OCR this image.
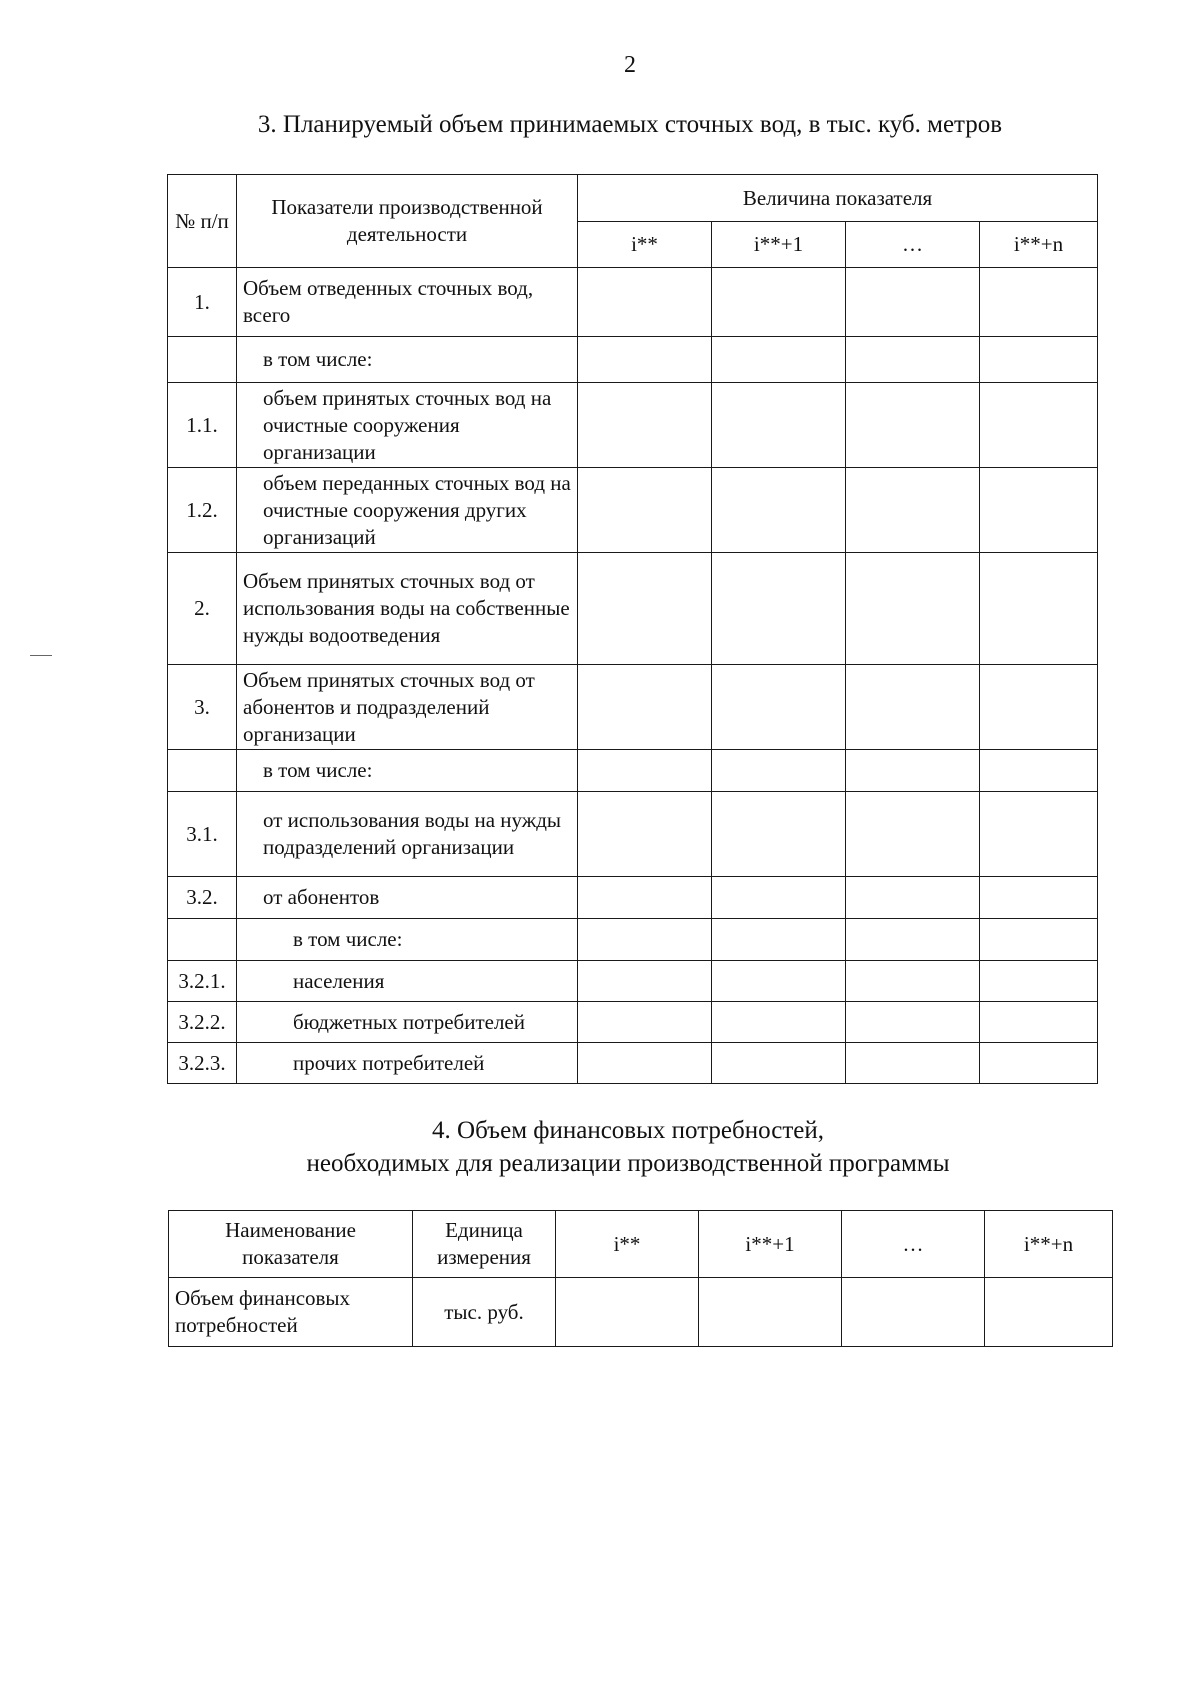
2
3. Планируемый объем принимаемых сточных вод, в тыс. куб. метров
№ п/п	Показатели производственной деятельности	Величина показателя			
		i**	i**+1	…	i**+n
1.	Объем отведенных сточных вод, всего				
	в том числе:				
1.1.	объем принятых сточных вод на очистные сооружения организации				
1.2.	объем переданных сточных вод на очистные сооружения других организаций				
2.	Объем принятых сточных вод от использования воды на собственные нужды водоотведения				
3.	Объем принятых сточных вод от абонентов и подразделений организации				
	в том числе:				
3.1.	от использования воды на нужды подразделений организации				
3.2.	от абонентов				
	в том числе:				
3.2.1.	населения				
3.2.2.	бюджетных потребителей				
3.2.3.	прочих потребителей				
4. Объем финансовых потребностей,
необходимых для реализации производственной программы
Наименование показателя	Единица измерения	i**	i**+1	…	i**+n
Объем финансовых потребностей	тыс. руб.				
